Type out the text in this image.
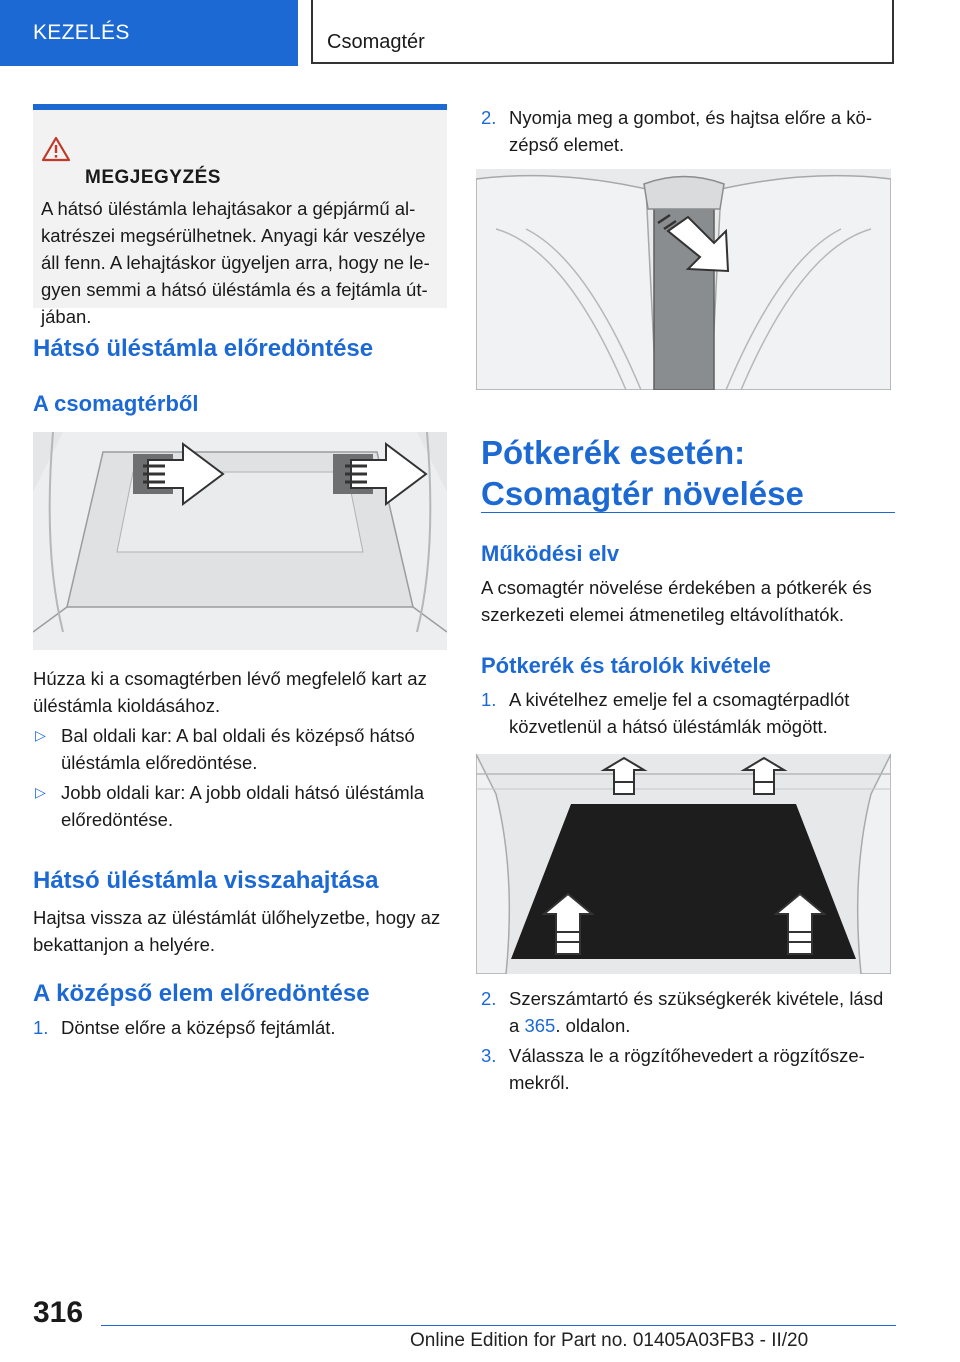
KEZELÉS	Csomagtér
MEGJEGYZÉS
A hátsó üléstámla lehajtásakor a gépjármű al-katrészei megsérülhetnek. Anyagi kár veszélye áll fenn. A lehajtáskor ügyeljen arra, hogy ne le-gyen semmi a hátsó üléstámla és a fejtámla út-jában.
Hátsó üléstámla előredöntése
A csomagtérből
Húzza ki a csomagtérben lévő megfelelő kart az üléstámla kioldásához.
▷ Bal oldali kar: A bal oldali és középső hátsó üléstámla előredöntése.
▷ Jobb oldali kar: A jobb oldali hátsó üléstámla előredöntése.
Hátsó üléstámla visszahajtása
Hajtsa vissza az üléstámlát ülőhelyzetbe, hogy az bekattanjon a helyére.
A középső elem előredöntése
1. Döntse előre a középső fejtámlát.
2. Nyomja meg a gombot, és hajtsa előre a kö-zépső elemet.
Pótkerék esetén: Csomagtér növelése
Működési elv
A csomagtér növelése érdekében a pótkerék és szerkezeti elemei átmenetileg eltávolíthatók.
Pótkerék és tárolók kivétele
1. A kivételhez emelje fel a csomagtérpadlót közvetlenül a hátsó üléstámlák mögött.
2. Szerszámtartó és szükségkerék kivétele, lásd a 365. oldalon.
3. Válassza le a rögzítőhevedert a rögzítősze-mekről.
316
Online Edition for Part no. 01405A03FB3 - II/20
